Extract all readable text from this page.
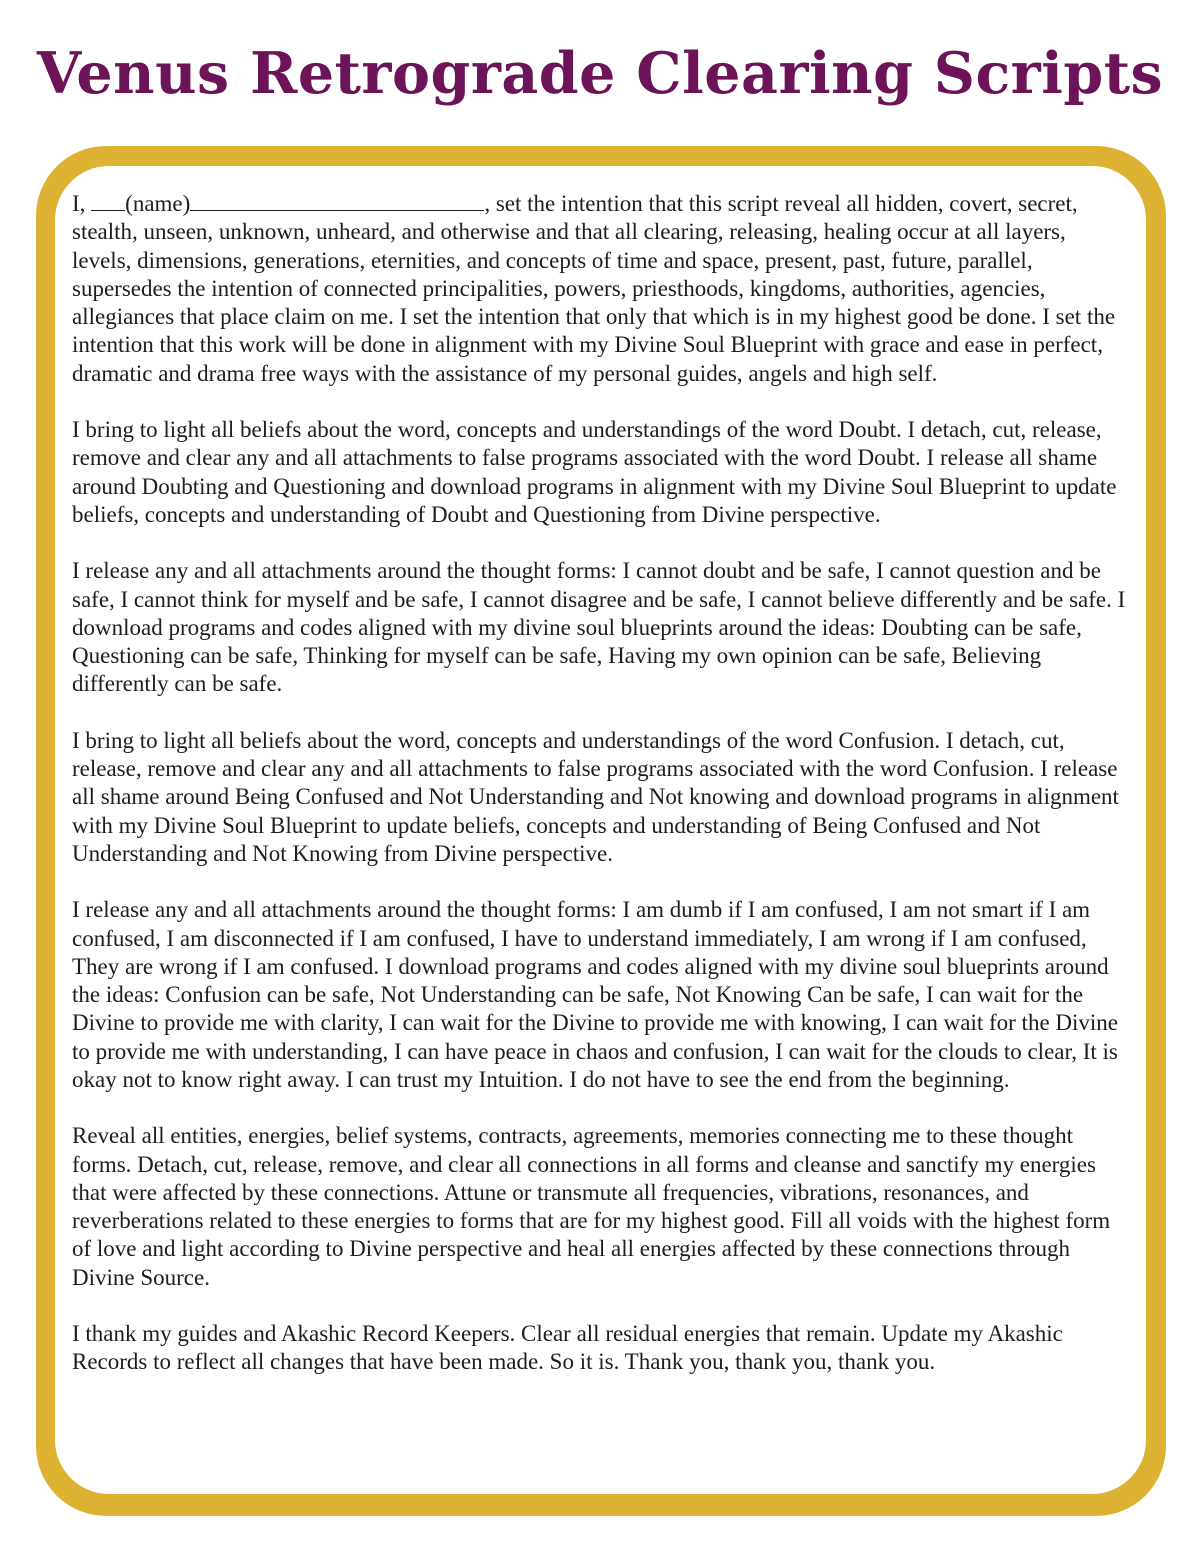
Venus Retrograde Clearing Scripts

I, (name)	, set the intention that this script reveal all hidden, covert, secret, stealth, unseen, unknown, unheard, and otherwise and that all clearing, releasing, healing occur at all layers, levels, dimensions, generations, eternities, and concepts of time and space, present, past, future, parallel, supersedes the intention of connected principalities, powers, priesthoods, kingdoms, authorities, agencies, allegiances that place claim on me. I set the intention that only that which is in my highest good be done. I set the intention that this work will be done in alignment with my Divine Soul Blueprint with grace and ease in perfect, dramatic and drama free ways with the assistance of my personal guides, angels and high self.

I bring to light all beliefs about the word, concepts and understandings of the word Doubt. I detach, cut, release, remove and clear any and all attachments to false programs associated with the word Doubt. I release all shame around Doubting and Questioning and download programs in alignment with my Divine Soul Blueprint to update beliefs, concepts and understanding of Doubt and Questioning from Divine perspective.

I release any and all attachments around the thought forms: I cannot doubt and be safe, I cannot question and be safe, I cannot think for myself and be safe, I cannot disagree and be safe, I cannot believe differently and be safe. I download programs and codes aligned with my divine soul blueprints around the ideas: Doubting can be safe, Questioning can be safe, Thinking for myself can be safe, Having my own opinion can be safe, Believing differently can be safe.

I bring to light all beliefs about the word, concepts and understandings of the word Confusion. I detach, cut, release, remove and clear any and all attachments to false programs associated with the word Confusion. I release all shame around Being Confused and Not Understanding and Not knowing and download programs in alignment with my Divine Soul Blueprint to update beliefs, concepts and understanding of Being Confused and Not Understanding and Not Knowing from Divine perspective.

I release any and all attachments around the thought forms: I am dumb if I am confused, I am not smart if I am confused, I am disconnected if I am confused, I have to understand immediately, I am wrong if I am confused, They are wrong if I am confused. I download programs and codes aligned with my divine soul blueprints around the ideas: Confusion can be safe, Not Understanding can be safe, Not Knowing Can be safe, I can wait for the Divine to provide me with clarity, I can wait for the Divine to provide me with knowing, I can wait for the Divine to provide me with understanding, I can have peace in chaos and confusion, I can wait for the clouds to clear, It is okay not to know right away. I can trust my Intuition. I do not have to see the end from the beginning.

Reveal all entities, energies, belief systems, contracts, agreements, memories connecting me to these thought forms. Detach, cut, release, remove, and clear all connections in all forms and cleanse and sanctify my energies that were affected by these connections. Attune or transmute all frequencies, vibrations, resonances, and reverberations related to these energies to forms that are for my highest good. Fill all voids with the highest form of love and light according to Divine perspective and heal all energies affected by these connections through Divine Source.

I thank my guides and Akashic Record Keepers. Clear all residual energies that remain. Update my Akashic Records to reflect all changes that have been made. So it is. Thank you, thank you, thank you.
